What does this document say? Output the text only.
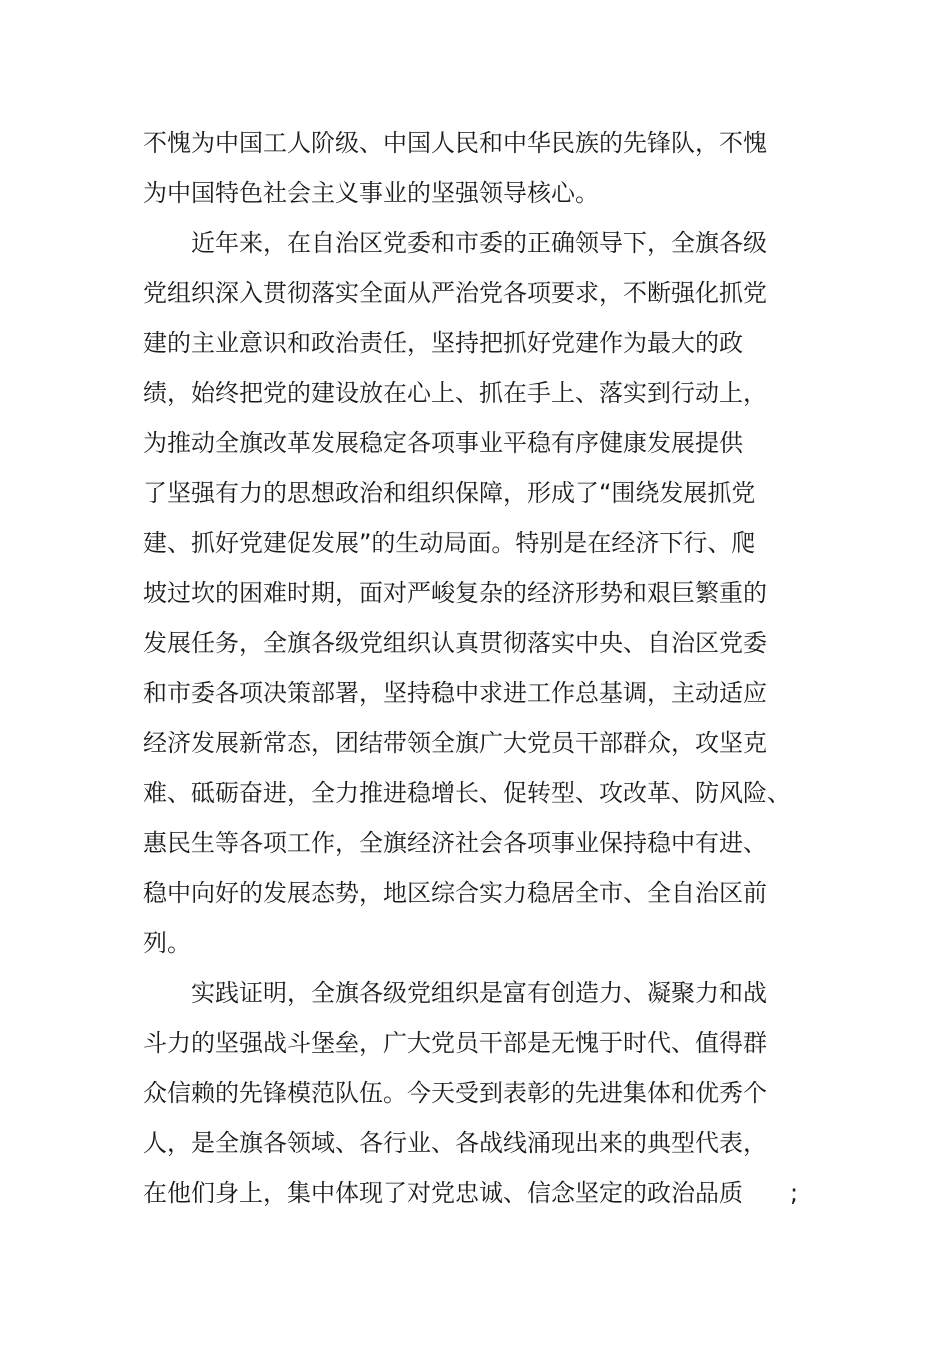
不愧为中国工人阶级、中国人民和中华民族的先锋队，不愧
为中国特色社会主义事业的坚强领导核心。
近年来，在自治区党委和市委的正确领导下，全旗各级
党组织深入贯彻落实全面从严治党各项要求，不断强化抓党
建的主业意识和政治责任，坚持把抓好党建作为最大的政
绩，始终把党的建设放在心上、抓在手上、落实到行动上，
为推动全旗改革发展稳定各项事业平稳有序健康发展提供
了坚强有力的思想政治和组织保障，形成了“围绕发展抓党
建、抓好党建促发展”的生动局面。特别是在经济下行、爬
坡过坎的困难时期，面对严峻复杂的经济形势和艰巨繁重的
发展任务，全旗各级党组织认真贯彻落实中央、自治区党委
和市委各项决策部署，坚持稳中求进工作总基调，主动适应
经济发展新常态，团结带领全旗广大党员干部群众，攻坚克
难、砥砺奋进，全力推进稳增长、促转型、攻改革、防风险、
惠民生等各项工作，全旗经济社会各项事业保持稳中有进、
稳中向好的发展态势，地区综合实力稳居全市、全自治区前
列。
实践证明，全旗各级党组织是富有创造力、凝聚力和战
斗力的坚强战斗堡垒，广大党员干部是无愧于时代、值得群
众信赖的先锋模范队伍。今天受到表彰的先进集体和优秀个
人，是全旗各领域、各行业、各战线涌现出来的典型代表，
在他们身上，集中体现了对党忠诚、信念坚定的政治品质	;
